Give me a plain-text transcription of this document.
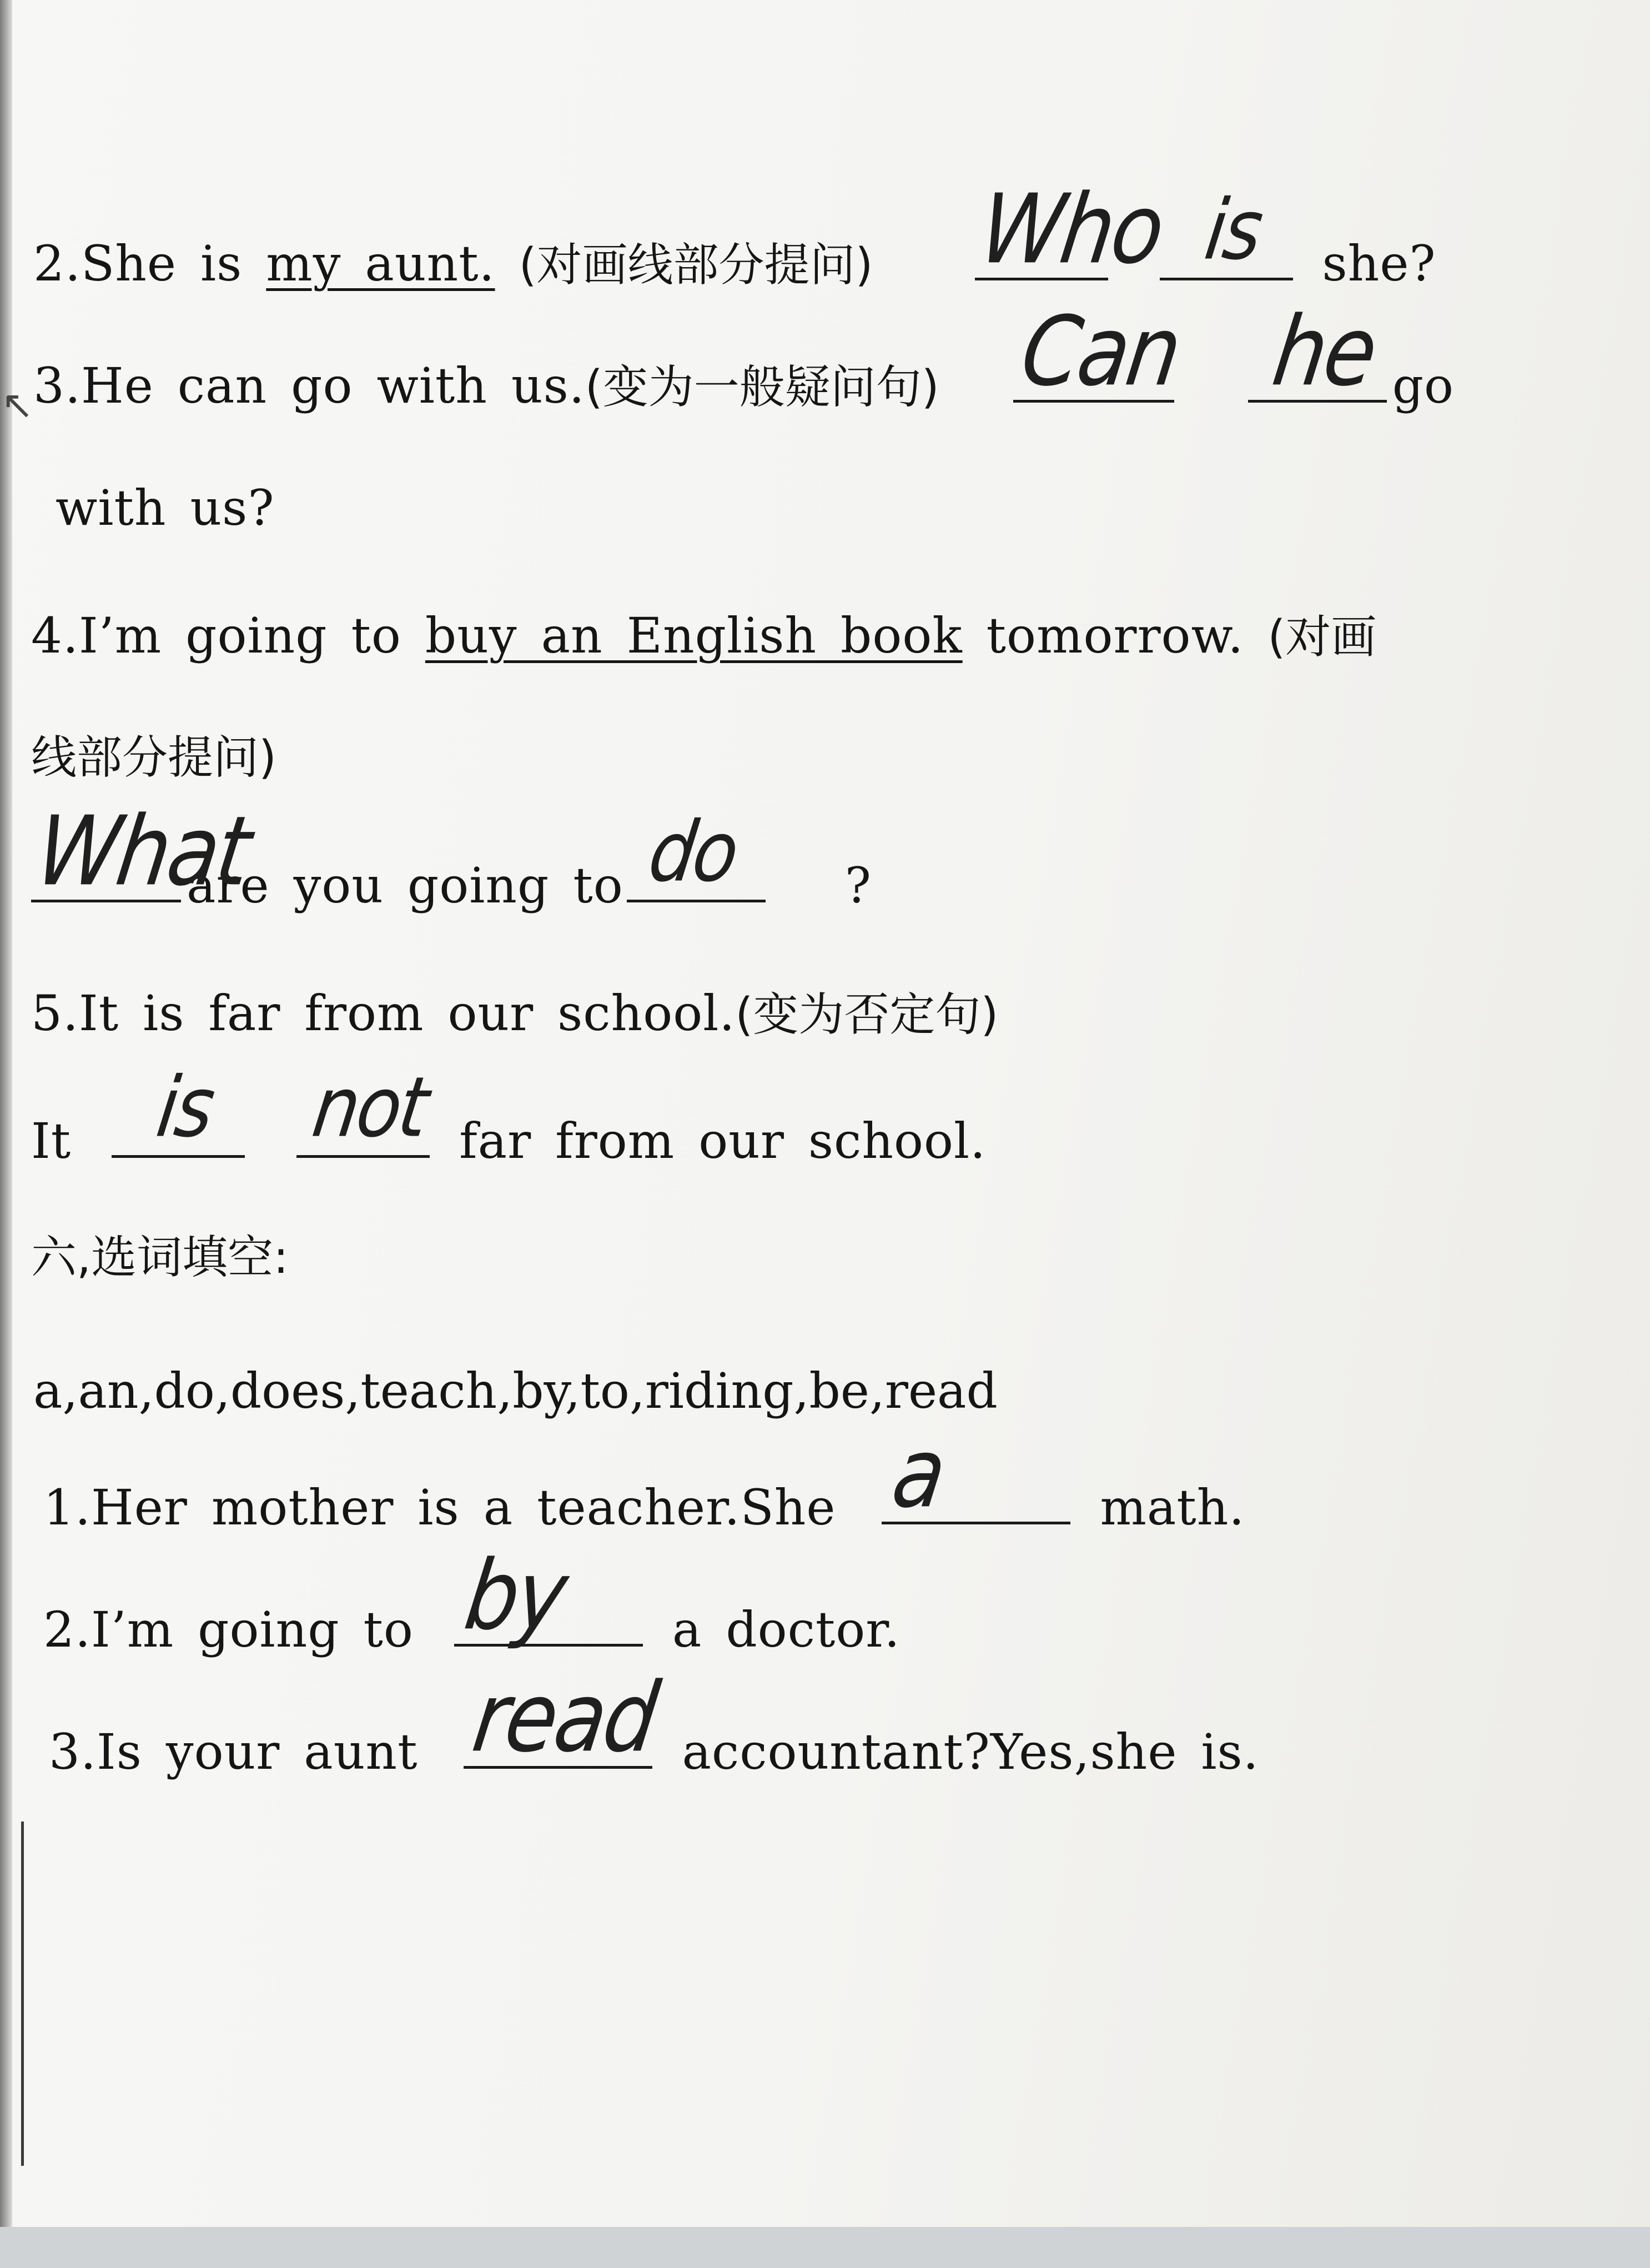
↖
2.She is my aunt. (对画线部分提问) Who
is	she?
3.He can go with us.(变为一般疑问句) Can
he go
with us?
4.I’m going to buy an English book tomorrow. (对画
线部分提问)
What
are you going to do	?
5.It is far from our school.(变为否定句)
It	is
	not far from our school.
六,选词填空:
a,an,do,does,teach,by,to,riding,be,read
1.Her mother is a teacher.She a	math.
2.I’m going to by	a doctor.
3.Is your aunt read accountant?Yes,she is.
